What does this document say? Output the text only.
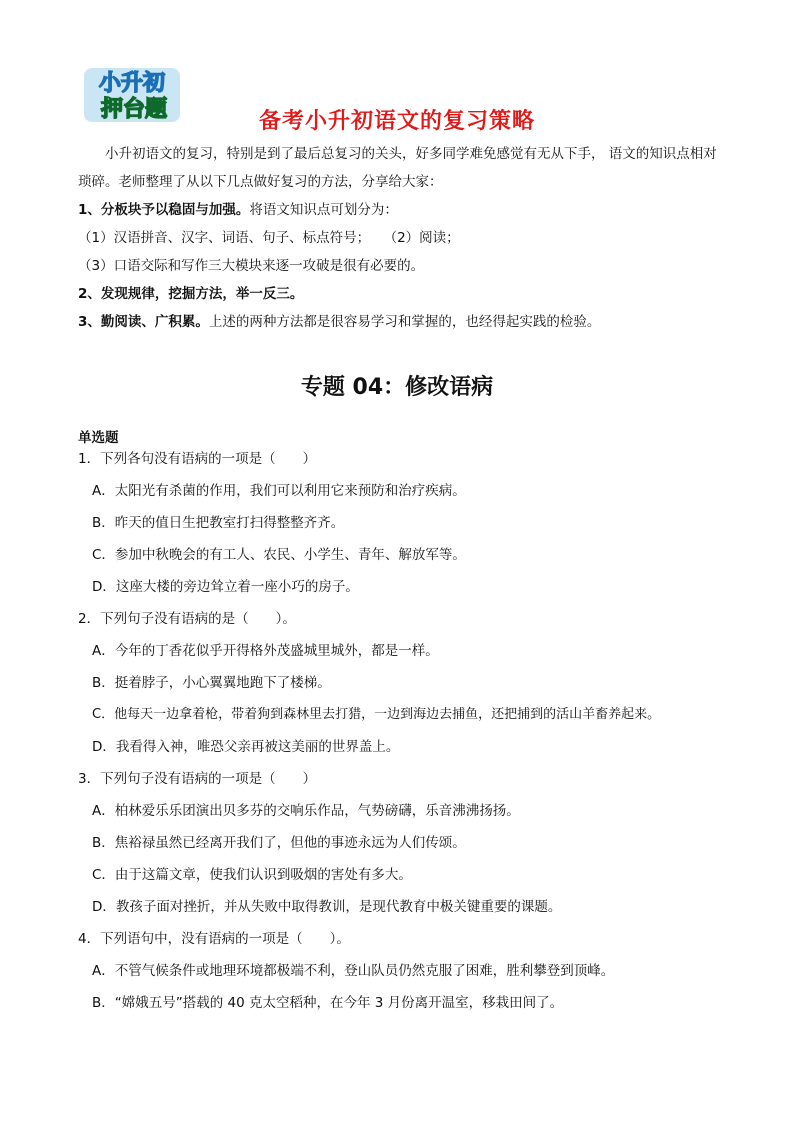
小升初
押台题	备考小升初语文的复习策略

小升初语文的复习，特别是到了最后总复习的关头，好多同学难免感觉有无从下手， 语文的知识点相对琐碎。老师整理了从以下几点做好复习的方法，分享给大家：

1、分板块予以稳固与加强。将语文知识点可划分为：

（1）汉语拼音、汉字、词语、句子、标点符号；　　（2）阅读；

（3）口语交际和写作三大模块来逐一攻破是很有必要的。

2、发现规律，挖掘方法，举一反三。

3、勤阅读、广积累。上述的两种方法都是很容易学习和掌握的，也经得起实践的检验。

专题 04：修改语病
单选题
1．下列各句没有语病的一项是（　　）
A．太阳光有杀菌的作用，我们可以利用它来预防和治疗疾病。
B．昨天的值日生把教室打扫得整整齐齐。
C．参加中秋晚会的有工人、农民、小学生、青年、解放军等。
D．这座大楼的旁边耸立着一座小巧的房子。
2．下列句子没有语病的是（　　）。
A．今年的丁香花似乎开得格外茂盛城里城外，都是一样。
B．挺着脖子，小心翼翼地跑下了楼梯。
C．他每天一边拿着枪，带着狗到森林里去打猎，一边到海边去捕鱼，还把捕到的活山羊畜养起来。
D．我看得入神，唯恐父亲再被这美丽的世界盖上。
3．下列句子没有语病的一项是（　　）
A．柏林爱乐乐团演出贝多芬的交响乐作品，气势磅礴，乐音沸沸扬扬。
B．焦裕禄虽然已经离开我们了，但他的事迹永远为人们传颂。
C．由于这篇文章，使我们认识到吸烟的害处有多大。
D．教孩子面对挫折，并从失败中取得教训，是现代教育中极关键重要的课题。
4．下列语句中，没有语病的一项是（　　）。
A．不管气候条件或地理环境都极端不利，登山队员仍然克服了困难，胜利攀登到顶峰。
B．“嫦娥五号”搭载的 40 克太空稻种，在今年 3 月份离开温室，移栽田间了。
